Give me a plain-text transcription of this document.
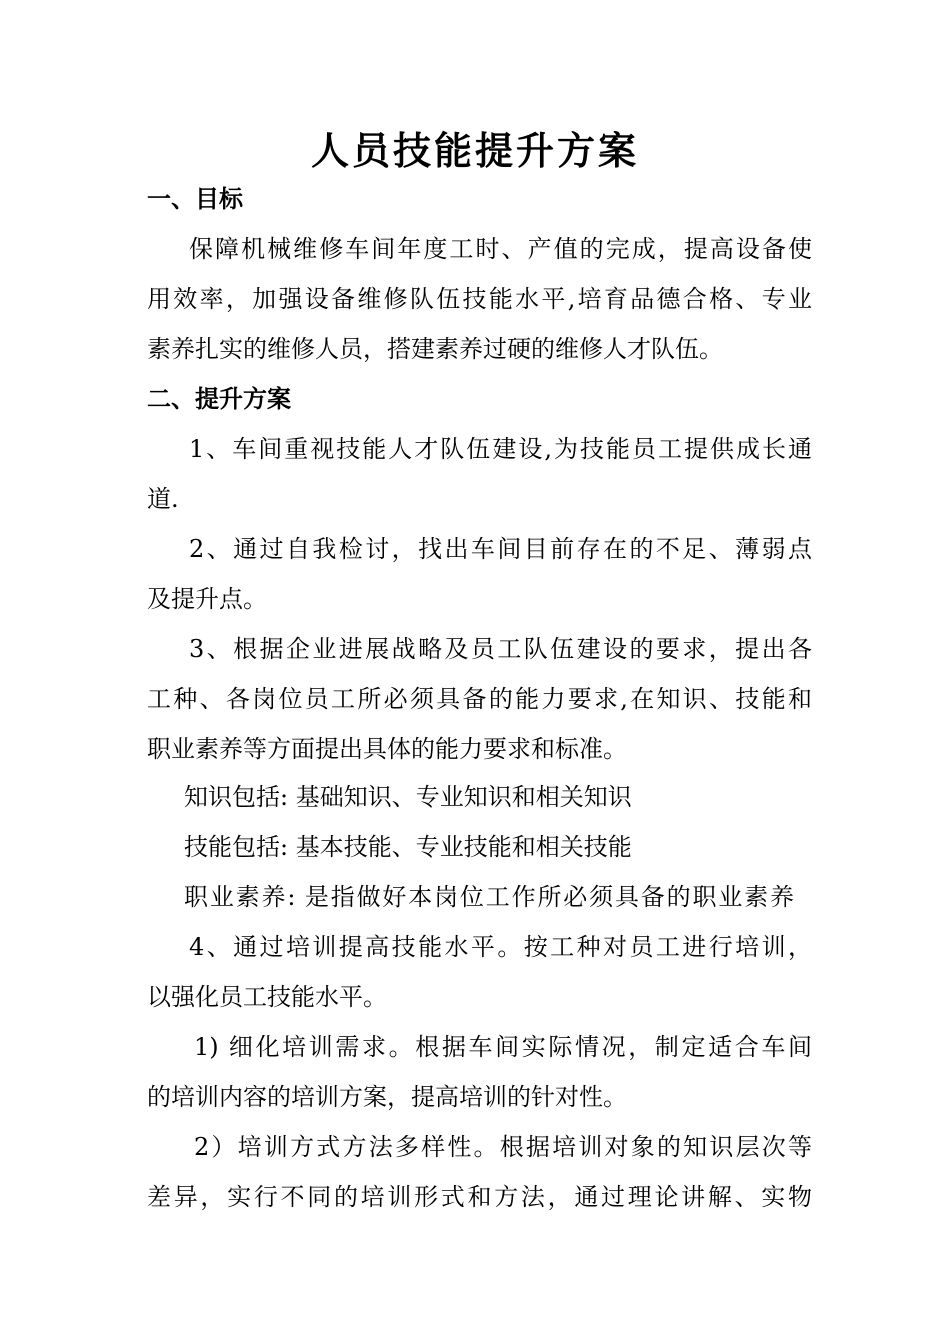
人员技能提升方案
一、目标
保障机械维修车间年度工时、产值的完成，提高设备使
用效率，加强设备维修队伍技能水平,培育品德合格、专业
素养扎实的维修人员，搭建素养过硬的维修人才队伍。
二、提升方案
1、车间重视技能人才队伍建设,为技能员工提供成长通
道.
2、通过自我检讨，找出车间目前存在的不足、薄弱点
及提升点。
3、根据企业进展战略及员工队伍建设的要求，提出各
工种、各岗位员工所必须具备的能力要求,在知识、技能和
职业素养等方面提出具体的能力要求和标准。
知识包括: 基础知识、专业知识和相关知识
技能包括: 基本技能、专业技能和相关技能
职业素养: 是指做好本岗位工作所必须具备的职业素养
4、通过培训提高技能水平。按工种对员工进行培训，
以强化员工技能水平。
1) 细化培训需求。根据车间实际情况，制定适合车间
的培训内容的培训方案，提高培训的针对性。
2）培训方式方法多样性。根据培训对象的知识层次等
差异，实行不同的培训形式和方法，通过理论讲解、实物
